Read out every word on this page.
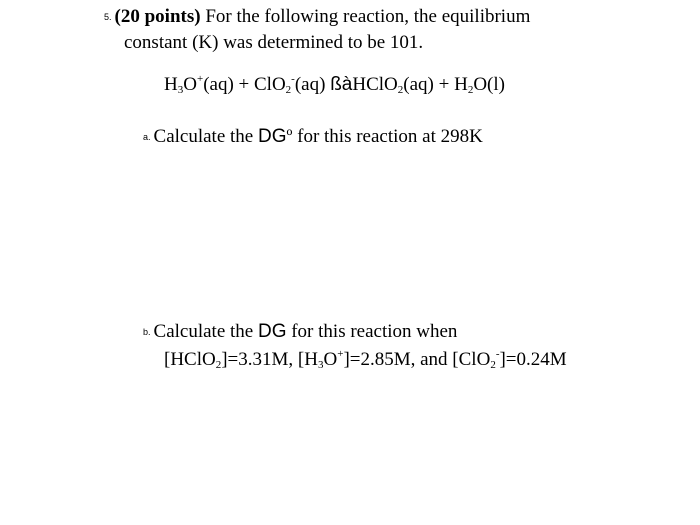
5. (20 points) For the following reaction, the equilibrium
constant (K) was determined to be 101.
$H_3O^+(aq) + ClO_2^-(aq)$ ßàHClO$_2$(aq) + $H_2O(l)$
a. Calculate the DGº for this reaction at 298K
b. Calculate the DG for this reaction when
[HClO$_2$]=3.31M, $[H_3O^+]=2.85M$, and [ClO$_2$-]=0.24M
